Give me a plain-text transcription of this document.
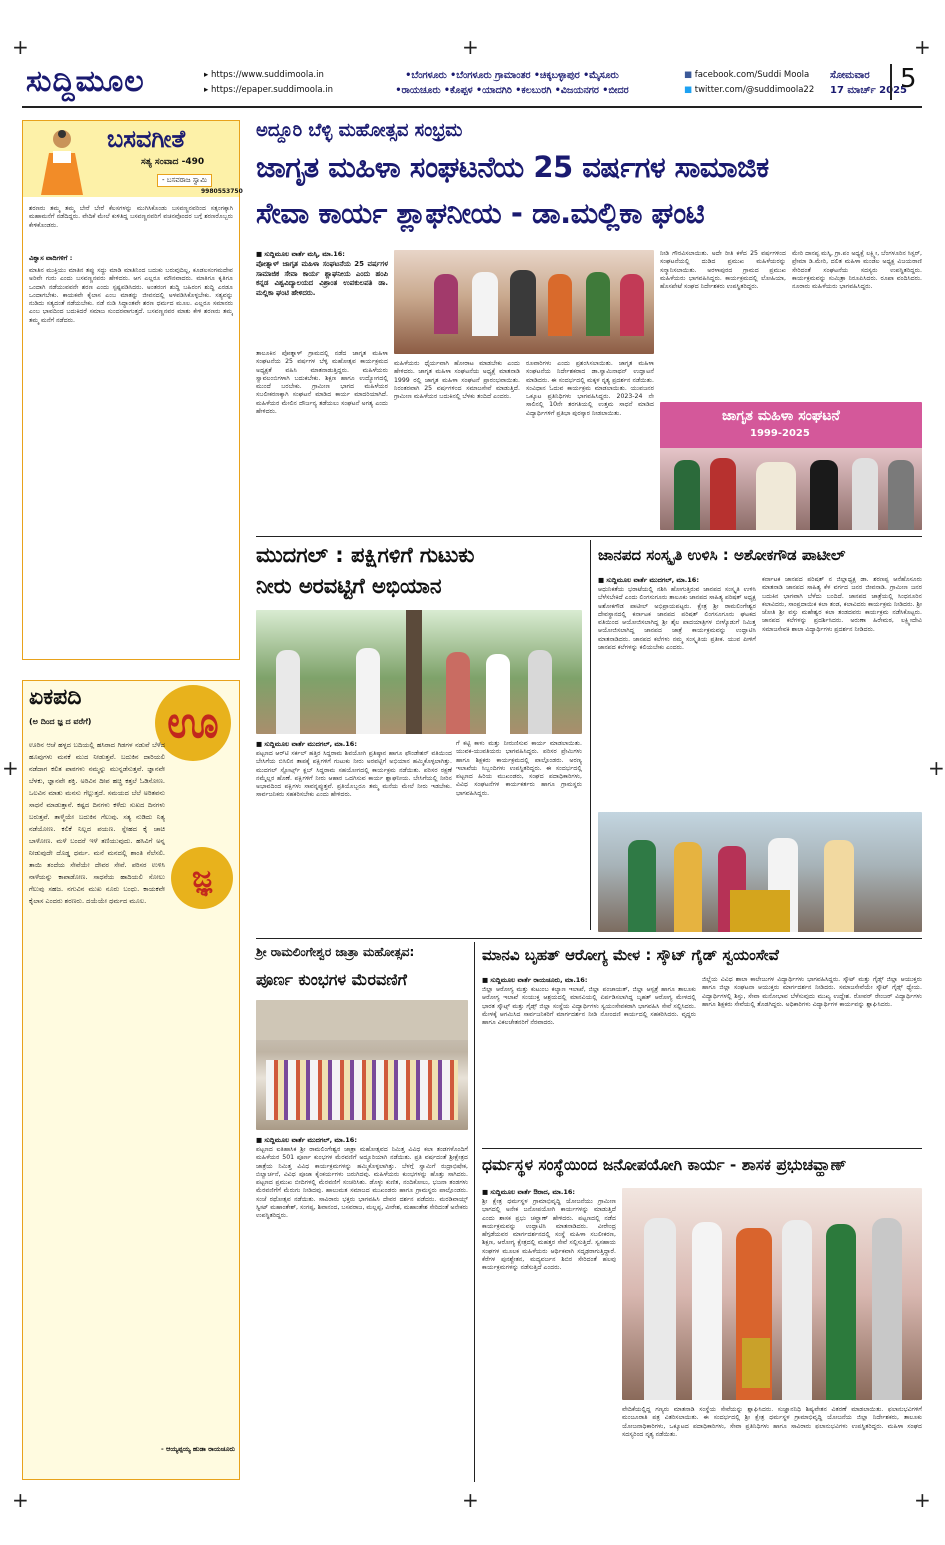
+	+	+
+	+
+	+	+
ಸುದ್ದಿಮೂಲ	▸ https://www.suddimoola.in
▸ https://epaper.suddimoola.in
•ಬೆಂಗಳೂರು •ಬೆಂಗಳೂರು ಗ್ರಾಮಾಂತರ •ಚಿಕ್ಕಬಳ್ಳಾಪುರ •ಮೈಸೂರು
•ರಾಯಚೂರು •ಕೊಪ್ಪಳ •ಯಾದಗಿರಿ •ಕಲಬುರಗಿ •ವಿಜಯನಗರ •ಬೀದರ
■ facebook.com/Suddi Moola
■ twitter.com/@suddimoola22
ಸೋಮವಾರ
17 ಮಾರ್ಚ್ 2025
5
ಬಸವಗೀತೆ
ಸತ್ಯ ಸಂವಾದ -490
- ಬಸವರಾಜ ಸ್ವಾಮಿ
9980553750
ಶರಣರು ತಮ್ಮ ತಮ್ಮ ಬೇರೆ ಬೇರೆ ಕೆಲಸಗಳನ್ನು ಮುಗಿಸಿಕೊಂಡು ಬಸವಣ್ಣನವರಿಂದ ಸತ್ಸಂಗಕ್ಕಾಗಿ ಮಹಾಮನೆಗೆ ನಡೆದಿದ್ದರು. ವೇದಿಕೆ ಮೇಲೆ ಕುಳಿತಿದ್ದ ಬಸವಣ್ಣನವರಿಗೆ ವಚನವೊಂದರ ಬಗ್ಗೆ ಶರಣರೊಬ್ಬರು ಕೇಳಿಕೊಂಡರು.
ವಿಶ್ವಾಸ ವಾದಿಗಳಿಗೆ :
ಮಾತಿನ ಮುಕ್ತಿಯು ಮಾತಿನ ತಪ್ಪು ಸದ್ದು ಮಾಡಿ ಮಾತಿನಿಂದ ಬದುಕು ಬರುವುದಿಲ್ಲ, ಕೂಡಲಸಂಗಮದೇವ ಅರಿವೇ ಗುರು ಎಂದು ಬಸವಣ್ಣನವರು ಹೇಳಿದರು. ಆಗ ಎಲ್ಲರೂ ಮೌನವಾದರು. ಮಾತಿಗೂ ಕೃತಿಗೂ ಒಂದಾಗಿ ನಡೆಯುವವನೇ ಶರಣ ಎಂದು ಸ್ಪಷ್ಟಪಡಿಸಿದರು. ಅಂತರಂಗ ಶುದ್ಧಿ ಬಹಿರಂಗ ಶುದ್ಧಿ ಎರಡೂ ಒಂದಾಗಬೇಕು. ಕಾಯಕವೇ ಕೈಲಾಸ ಎಂಬ ಮಾತನ್ನು ಜೀವನದಲ್ಲಿ ಅಳವಡಿಸಿಕೊಳ್ಳಬೇಕು. ಸತ್ಯವನ್ನು ನುಡಿದು ಸತ್ಯದಂತೆ ನಡೆಯಬೇಕು. ನಡೆ ನುಡಿ ಸಿದ್ಧಾಂತವೇ ಶರಣ ಧರ್ಮದ ಮೂಲ. ಎಲ್ಲರೂ ಸಮಾನರು ಎಂಬ ಭಾವದಿಂದ ಬದುಕಿದರೆ ಸಮಾಜ ಸುಂದರವಾಗುತ್ತದೆ. ಬಸವಣ್ಣನವರ ಮಾತು ಕೇಳಿ ಶರಣರು ತಮ್ಮ ತಮ್ಮ ಮನೆಗೆ ನಡೆದರು.
ಏಕಪದಿ
(ಅ ದಿಂದ ಜ್ಞ ದ ವರೆಗೆ) ಊ
ಜ್ಞ
ಊರಿನ ಆಚೆ ಹಳ್ಳದ ಬದಿಯಲ್ಲಿ ಹಸಿರಾದ ಗಿಡಗಳ ನಡುವೆ ಬೆಳೆದ ಹೂವುಗಳು ಮನಕೆ ಮುದ ನೀಡುತ್ತವೆ. ಬದುಕಿನ ದಾರಿಯಲಿ ನಡೆದಾಗ ಕಲಿತ ಪಾಠಗಳು ನಮ್ಮನ್ನು ಮುನ್ನಡೆಸುತ್ತವೆ. ಜ್ಞಾನವೇ ಬೆಳಕು, ಜ್ಞಾನವೇ ಶಕ್ತಿ. ಅರಿವಿನ ದೀಪ ಹಚ್ಚಿ ಕತ್ತಲೆ ಓಡಿಸೋಣ. ಒಲವಿನ ಮಾತು ಮನಸು ಗೆಲ್ಲುತ್ತದೆ. ಸಮಯದ ಬೆಲೆ ಅರಿತವನು ಸಾಧನೆ ಮಾಡುತ್ತಾನೆ. ಕಷ್ಟದ ದಿನಗಳು ಕಳೆದು ಸುಖದ ದಿನಗಳು ಬರುತ್ತವೆ. ತಾಳ್ಮೆಯೇ ಬದುಕಿನ ಗೆಲುವು. ಸತ್ಯ ನುಡಿದು ನಿತ್ಯ ನಡೆಯೋಣ. ಕಲಿಕೆ ನಿಲ್ಲದ ಪಯಣ. ಸ್ನೇಹದ ಕೈ ಚಾಚಿ ಬಾಳೋಣ. ಮಳೆ ಬಂದರೆ ಇಳೆ ತಣಿಯುವುದು. ಹಸಿವಿಗೆ ಅನ್ನ ನೀಡುವುದೇ ದೊಡ್ಡ ಧರ್ಮ. ಮನೆ ಮನದಲ್ಲಿ ಶಾಂತಿ ನೆಲೆಸಲಿ. ತಾಯಿ ತಂದೆಯ ಸೇವೆಯೇ ದೇವರ ಸೇವೆ. ಪರಿಸರ ಉಳಿಸಿ ನಾಳೆಯನ್ನು ಕಾಪಾಡೋಣ. ಸಾಧನೆಯ ಹಾದಿಯಲಿ ಸೋಲು ಗೆಲುವು ಸಹಜ. ನಗುವಿನ ಮುಖ ನೂರು ಬಂಧು. ಕಾಯಕವೇ ಕೈಲಾಸ ಎಂದರು ಶರಣರು. ದಯೆಯೇ ಧರ್ಮದ ಮೂಲ.
- ಆಯ್ಯಪ್ಪಯ್ಯ ಹುಡಾ ರಾಯಚೂರು
ಅದ್ದೂರಿ ಬೆಳ್ಳಿ ಮಹೋತ್ಸವ ಸಂಭ್ರಮ
ಜಾಗೃತ ಮಹಿಳಾ ಸಂಘಟನೆಯ 25 ವರ್ಷಗಳ ಸಾಮಾಜಿಕ
ಸೇವಾ ಕಾರ್ಯ ಶ್ಲಾಘನೀಯ - ಡಾ.ಮಲ್ಲಿಕಾ ಘಂಟಿ
■ ಸುದ್ದಿಮೂಲ ವಾರ್ತೆ ಮಸ್ಕಿ, ಮಾ.16:
ಪೋತ್ನಾಳ್ ಜಾಗೃತ ಮಹಿಳಾ ಸಂಘಟನೆಯ 25 ವರ್ಷಗಳ ಸಾಮಾಜಿಕ ಸೇವಾ ಕಾರ್ಯ ಶ್ಲಾಘನೀಯ ಎಂದು ಹಂಪಿ ಕನ್ನಡ ವಿಶ್ವವಿದ್ಯಾಲಯದ ವಿಶ್ರಾಂತ ಉಪಕುಲಪತಿ ಡಾ. ಮಲ್ಲಿಕಾ ಘಂಟಿ ಹೇಳಿದರು.
ತಾಲೂಕಿನ ಪೋತ್ನಾಳ್ ಗ್ರಾಮದಲ್ಲಿ ನಡೆದ ಜಾಗೃತ ಮಹಿಳಾ ಸಂಘಟನೆಯ 25 ವರ್ಷಗಳ ಬೆಳ್ಳಿ ಮಹೋತ್ಸವ ಕಾರ್ಯಕ್ರಮದ ಅಧ್ಯಕ್ಷತೆ ವಹಿಸಿ ಮಾತನಾಡುತ್ತಿದ್ದರು. ಮಹಿಳೆಯರು ಸ್ವಾವಲಂಬಿಗಳಾಗಿ ಬದುಕಬೇಕು. ಶಿಕ್ಷಣ ಹಾಗೂ ಉದ್ಯೋಗದಲ್ಲಿ ಮುಂದೆ ಬರಬೇಕು. ಗ್ರಾಮೀಣ ಭಾಗದ ಮಹಿಳೆಯರ ಸಬಲೀಕರಣಕ್ಕಾಗಿ ಸಂಘಟನೆ ಮಾಡಿದ ಕಾರ್ಯ ಮಾದರಿಯಾಗಿದೆ. ಮಹಿಳೆಯರ ಮೇಲಿನ ದೌರ್ಜನ್ಯ ತಡೆಯಲು ಸಂಘಟನೆ ಅಗತ್ಯ ಎಂದು ಹೇಳಿದರು.
ಮಹಿಳೆಯರು ಧೈರ್ಯವಾಗಿ ಹೋರಾಟ ಮಾಡಬೇಕು ಎಂದು ಹೇಳಿದರು. ಜಾಗೃತ ಮಹಿಳಾ ಸಂಘಟನೆಯ ಅಧ್ಯಕ್ಷೆ ಮಾತನಾಡಿ 1999 ರಲ್ಲಿ ಜಾಗೃತ ಮಹಿಳಾ ಸಂಘಟನೆ ಪ್ರಾರಂಭವಾಯಿತು. ನಿರಂತರವಾಗಿ 25 ವರ್ಷಗಳಿಂದ ಸಮಾಜಸೇವೆ ಮಾಡುತ್ತಿದೆ. ಗ್ರಾಮೀಣ ಮಹಿಳೆಯರ ಬದುಕಿನಲ್ಲಿ ಬೆಳಕು ತಂದಿದೆ ಎಂದರು.
ರೂವಾರಿಗಳು ಎಂದು ಪ್ರಶಂಸಿಸಲಾಯಿತು. ಜಾಗೃತ ಮಹಿಳಾ ಸಂಘಟನೆಯ ನಿರ್ದೇಶಕರಾದ ಡಾ.ಸ್ವಾಮಿನಾಥನ್ ಉದ್ಘಾಟನೆ ಮಾಡಿದರು. ಈ ಸಂದರ್ಭದಲ್ಲಿ ಮಕ್ಕಳ ನೃತ್ಯ ಪ್ರದರ್ಶನ ನಡೆಯಿತು. ಸಂವಿಧಾನ ಓದುವ ಕಾರ್ಯಕ್ರಮ ಮಾಡಲಾಯಿತು. ಯುವಜನರ ಒಕ್ಕೂಟ ಪ್ರತಿನಿಧಿಗಳು ಭಾಗವಹಿಸಿದ್ದರು. 2023-24 ನೇ ಸಾಲಿನಲ್ಲಿ 10ನೇ ತರಗತಿಯಲ್ಲಿ ಉತ್ತಮ ಸಾಧನೆ ಮಾಡಿದ ವಿದ್ಯಾರ್ಥಿಗಳಿಗೆ ಪ್ರತಿಭಾ ಪುರಸ್ಕಾರ ನೀಡಲಾಯಿತು.
ನೀಡಿ ಗೌರವಿಸಲಾಯಿತು. ಅದೇ ರೀತಿ ಕಳೆದ 25 ವರ್ಷಗಳಿಂದ ಸಂಘಟನೆಯಲ್ಲಿ ದುಡಿದ ಪ್ರಮುಖ ಮಹಿಳೆಯರನ್ನು ಸನ್ಮಾನಿಸಲಾಯಿತು. ಅರಳಾಪುರದ ಗ್ರಾಮದ ಪ್ರಮುಖ ಮಹಿಳೆಯರು ಭಾಗವಹಿಸಿದ್ದರು. ಕಾರ್ಯಕ್ರಮದಲ್ಲಿ ಲೋಹಿಯಾ, ಹೊಸಪೇಟೆ ಸಂಘದ ನಿರ್ದೇಶಕರು ಉಪಸ್ಥಿತರಿದ್ದರು.
ಮೇರಿ ದಾನಪ್ಪ ಮಸ್ಕಿ, ಗ್ರಾ.ಪಂ ಅಧ್ಯಕ್ಷೆ ಲಕ್ಷ್ಮೀ, ಬೆಂಗಳೂರಿನ ಸಿಸ್ಟರ್, ಪ್ರೇಮಾ ಡಿ.ಮೇರಿ, ದಲಿತ ಮಹಿಳಾ ಮಂಡಲ ಅಧ್ಯಕ್ಷ ವಿಜಯರಾಣಿ ಸೇರಿದಂತೆ ಸಂಘಟನೆಯ ಸದಸ್ಯರು ಉಪಸ್ಥಿತರಿದ್ದರು. ಕಾರ್ಯಕ್ರಮವನ್ನು ಸುಮಿತ್ರಾ ನಿರೂಪಿಸಿದರು. ರೂಪಾ ವಂದಿಸಿದರು. ನೂರಾರು ಮಹಿಳೆಯರು ಭಾಗವಹಿಸಿದ್ದರು.
ಜಾಗೃತ ಮಹಿಳಾ ಸಂಘಟನೆ
1999-2025
ಮುದಗಲ್ : ಪಕ್ಷಿಗಳಿಗೆ ಗುಟುಕು
ನೀರು ಅರವಟ್ಟಿಗೆ ಅಭಿಯಾನ
■ ಸುದ್ದಿಮೂಲ ವಾರ್ತೆ ಮುದಗಲ್, ಮಾ.16:
ಪಟ್ಟಣದ ಆರ್‌ಟಿ ಸರ್ಕಲ್ ಹತ್ತಿರ ಸಿದ್ದರಾಮ ಶಿವಯೋಗಿ ಪ್ರತಿಷ್ಠಾನ ಹಾಗೂ ಫೌಂಡೇಶನ್ ವತಿಯಿಂದ ಬೇಸಿಗೆಯ ಬಿಸಿಲಿನ ತಾಪಕ್ಕೆ ಪಕ್ಷಿಗಳಿಗೆ ಗುಟುಕು ನೀರು ಅರವಟ್ಟಿಗೆ ಅಭಿಯಾನ ಹಮ್ಮಿಕೊಳ್ಳಲಾಗಿತ್ತು. ಮುದಗಲ್ ಸ್ಪೋರ್ಟ್ಸ್ ಕ್ಲಬ್ ಸಿದ್ಧರಾಮ ಸಹಯೋಗದಲ್ಲಿ ಕಾರ್ಯಕ್ರಮ ನಡೆಯಿತು. ಪರಿಸರ ರಕ್ಷಣೆ ನಮ್ಮೆಲ್ಲರ ಹೊಣೆ. ಪಕ್ಷಿಗಳಿಗೆ ನೀರು ಆಹಾರ ಒದಗಿಸುವ ಕಾರ್ಯ ಶ್ಲಾಘನೀಯ. ಬೇಸಿಗೆಯಲ್ಲಿ ನೀರಿನ ಅಭಾವದಿಂದ ಪಕ್ಷಿಗಳು ಸಾವನ್ನಪ್ಪುತ್ತವೆ. ಪ್ರತಿಯೊಬ್ಬರೂ ತಮ್ಮ ಮನೆಯ ಮೇಲೆ ನೀರು ಇಡಬೇಕು. ಸಾರ್ವಜನಿಕರು ಸಹಕರಿಸಬೇಕು ಎಂದು ಹೇಳಿದರು.
ಗೆ ಕಟ್ಟಿ ಕಾಳು ಮತ್ತು ನೀರುಣಿಸುವ ಕಾರ್ಯ ಮಾಡಲಾಯಿತು. ಯುವಕ-ಯುವತಿಯರು ಭಾಗವಹಿಸಿದ್ದರು. ಪರಿಸರ ಪ್ರೇಮಿಗಳು ಹಾಗೂ ಶಿಕ್ಷಕರು ಕಾರ್ಯಕ್ರಮದಲ್ಲಿ ಪಾಲ್ಗೊಂಡರು. ಅರಣ್ಯ ಇಲಾಖೆಯ ಸಿಬ್ಬಂದಿಗಳು ಉಪಸ್ಥಿತರಿದ್ದರು. ಈ ಸಂದರ್ಭದಲ್ಲಿ ಪಟ್ಟಣದ ಹಿರಿಯ ಮುಖಂಡರು, ಸಂಘದ ಪದಾಧಿಕಾರಿಗಳು, ವಿವಿಧ ಸಂಘಟನೆಗಳ ಕಾರ್ಯಕರ್ತರು ಹಾಗೂ ಗ್ರಾಮಸ್ಥರು ಭಾಗವಹಿಸಿದ್ದರು.
ಜಾನಪದ ಸಂಸ್ಕೃತಿ ಉಳಿಸಿ : ಅಶೋಕಗೌಡ ಪಾಟೀಲ್
■ ಸುದ್ದಿಮೂಲ ವಾರ್ತೆ ಮುದಗಲ್, ಮಾ.16:
ಆಧುನಿಕತೆಯ ಭರಾಟೆಯಲ್ಲಿ ನಶಿಸಿ ಹೋಗುತ್ತಿರುವ ಜಾನಪದ ಸಂಸ್ಕೃತಿ ಉಳಿಸಿ ಬೆಳೆಸಬೇಕಿದೆ ಎಂದು ಲಿಂಗಸುಗೂರು ತಾಲೂಕು ಜಾನಪದ ಸಾಹಿತ್ಯ ಪರಿಷತ್ ಅಧ್ಯಕ್ಷ ಅಶೋಕಗೌಡ ಪಾಟೀಲ್ ಅಭಿಪ್ರಾಯಪಟ್ಟರು. ಕ್ಷೇತ್ರ ಶ್ರೀ ರಾಮಲಿಂಗೇಶ್ವರ ದೇವಸ್ಥಾನದಲ್ಲಿ ಕರ್ನಾಟಕ ಜಾನಪದ ಪರಿಷತ್ ಲಿಂಗಸೂಗೂರು ಘಟಕದ ವತಿಯಿಂದ ಆಯೋಜಿಸಲಾಗಿದ್ದ ಶ್ರೀ ಶೈಲ ಪಾದಯಾತ್ರಿಗಳ ಬೀಳ್ಕೊಡುಗೆ ನಿಮಿತ್ತ ಆಯೋಜಿಸಲಾಗಿದ್ದ ಜಾನಪದ ಜಾತ್ರೆ ಕಾರ್ಯಕ್ರಮವನ್ನು ಉದ್ಘಾಟಿಸಿ ಮಾತನಾಡಿದರು. ಜಾನಪದ ಕಲೆಗಳು ನಮ್ಮ ಸಂಸ್ಕೃತಿಯ ಪ್ರತೀಕ. ಯುವ ಪೀಳಿಗೆ ಜಾನಪದ ಕಲೆಗಳನ್ನು ಕಲಿಯಬೇಕು ಎಂದರು.
ಕರ್ನಾಟಕ ಜಾನಪದ ಪರಿಷತ್ ನ ಜಿಲ್ಲಾಧ್ಯಕ್ಷ ಡಾ. ಶರಣಪ್ಪ ಆನೆಹೊಸೂರು ಮಾತನಾಡಿ ಜಾನಪದ ಸಾಹಿತ್ಯ ಕೆಳ ವರ್ಗದ ಜನರ ಜೀವನಾಡಿ. ಗ್ರಾಮೀಣ ಜನರ ಬದುಕಿನ ಭಾಗವಾಗಿ ಬೆಳೆದು ಬಂದಿದೆ. ಜಾನಪದ ಜಾತ್ರೆಯಲ್ಲಿ ಸಿಂಧನೂರಿನ ಕಲಾವಿದರು, ಸಾಂಪ್ರದಾಯಿಕ ಕಲಾ ತಂಡ, ಕಲಾವಿದರು ಕಾರ್ಯಕ್ರಮ ನೀಡಿದರು. ಶ್ರೀ ಜೋತಿ ಶ್ರೀ ವಸ್ತು ಮಹೇಶ್ವರ ಕಲಾ ತಂಡದವರು ಕಾರ್ಯಕ್ರಮ ನಡೆಸಿಕೊಟ್ಟರು. ಜಾನಪದ ಕಲೆಗಳನ್ನು ಪ್ರದರ್ಶಿಸಿದರು. ಅರುಣಾ ಹಿರೇಮಠ, ಲಕ್ಷ್ಮೀದೇವಿ ಸಮಾಜಸೇವಕಿ ಶಾಲಾ ವಿದ್ಯಾರ್ಥಿಗಳು ಪ್ರದರ್ಶನ ನೀಡಿದರು.
ಶ್ರೀ ರಾಮಲಿಂಗೇಶ್ವರ ಜಾತ್ರಾ ಮಹೋತ್ಸವ:
ಪೂರ್ಣ ಕುಂಭಗಳ ಮೆರವಣಿಗೆ
■ ಸುದ್ದಿಮೂಲ ವಾರ್ತೆ ಮುದಗಲ್, ಮಾ.16:
ಪಟ್ಟಣದ ಐತಿಹಾಸಿಕ ಶ್ರೀ ರಾಮಲಿಂಗೇಶ್ವರ ಜಾತ್ರಾ ಮಹೋತ್ಸವದ ನಿಮಿತ್ತ ವಿವಿಧ ಕಲಾ ತಂಡಗಳೊಂದಿಗೆ ಮಹಿಳೆಯರ 501 ಪೂರ್ಣ ಕುಂಭಗಳ ಮೆರವಣಿಗೆ ಅದ್ಧೂರಿಯಾಗಿ ನಡೆಯಿತು. ಪ್ರತಿ ವರ್ಷದಂತೆ ಶ್ರೀಕ್ಷೇತ್ರದ ಜಾತ್ರೆಯ ನಿಮಿತ್ತ ವಿವಿಧ ಕಾರ್ಯಕ್ರಮಗಳನ್ನು ಹಮ್ಮಿಕೊಳ್ಳಲಾಗಿತ್ತು. ಬೆಳಗ್ಗೆ ಸ್ವಾಮಿಗೆ ರುದ್ರಾಭಿಷೇಕ, ಬಿಲ್ವಾರ್ಚನೆ, ವಿವಿಧ ಪೂಜಾ ಕೈಂಕರ್ಯಗಳು ಜರುಗಿದವು. ಮಹಿಳೆಯರು ಕುಂಭಗಳನ್ನು ಹೊತ್ತು ಸಾಗಿದರು. ಪಟ್ಟಣದ ಪ್ರಮುಖ ಬೀದಿಗಳಲ್ಲಿ ಮೆರವಣಿಗೆ ಸಂಚರಿಸಿತು. ಡೊಳ್ಳು ಕುಣಿತ, ನಂದಿಕೋಲು, ಭಜನಾ ತಂಡಗಳು ಮೆರವಣಿಗೆಗೆ ಮೆರುಗು ನೀಡಿದವು. ಹಾಲುಮತ ಸಮಾಜದ ಮುಖಂಡರು ಹಾಗೂ ಗ್ರಾಮಸ್ಥರು ಪಾಲ್ಗೊಂಡರು. ಸಂಜೆ ರಥೋತ್ಸವ ನಡೆಯಿತು. ಸಾವಿರಾರು ಭಕ್ತರು ಭಾಗವಹಿಸಿ ದೇವರ ದರ್ಶನ ಪಡೆದರು. ಮರಡಿವಾಯ್ಸ್ ಸ್ವೀಟ್ ಮಹಾಂತೇಶ್, ಸಂಗಪ್ಪ, ಶಿವಾನಂದ, ಬಸವರಾಜ, ಮಲ್ಲಪ್ಪ, ವೀರೇಶ, ಮಹಾಂತೇಶ ಸೇರಿದಂತೆ ಅನೇಕರು ಉಪಸ್ಥಿತರಿದ್ದರು.
ಮಾನವಿ ಬೃಹತ್ ಆರೋಗ್ಯ ಮೇಳ : ಸ್ಕೌಟ್ ಗೈಡ್ ಸ್ವಯಂಸೇವೆ
■ ಸುದ್ದಿಮೂಲ ವಾರ್ತೆ ರಾಯಚೂರು, ಮಾ.16:
ಜಿಲ್ಲಾ ಆರೋಗ್ಯ ಮತ್ತು ಕುಟುಂಬ ಕಲ್ಯಾಣ ಇಲಾಖೆ, ಜಿಲ್ಲಾ ಪಂಚಾಯತ್, ಜಿಲ್ಲಾ ಆಸ್ಪತ್ರೆ ಹಾಗೂ ತಾಲೂಕು ಆರೋಗ್ಯ ಇಲಾಖೆ ಸಂಯುಕ್ತ ಆಶ್ರಯದಲ್ಲಿ ಮಾನವಿಯಲ್ಲಿ ಏರ್ಪಡಿಸಲಾಗಿದ್ದ ಬೃಹತ್ ಆರೋಗ್ಯ ಮೇಳದಲ್ಲಿ ಭಾರತ ಸ್ಕೌಟ್ಸ್ ಮತ್ತು ಗೈಡ್ಸ್ ಜಿಲ್ಲಾ ಸಂಸ್ಥೆಯ ವಿದ್ಯಾರ್ಥಿಗಳು ಸ್ವಯಂಸೇವಕರಾಗಿ ಭಾಗವಹಿಸಿ ಸೇವೆ ಸಲ್ಲಿಸಿದರು. ಮೇಳಕ್ಕೆ ಆಗಮಿಸಿದ ಸಾರ್ವಜನಿಕರಿಗೆ ಮಾರ್ಗದರ್ಶನ ನೀಡಿ ನೋಂದಣಿ ಕಾರ್ಯದಲ್ಲಿ ಸಹಕರಿಸಿದರು. ವೃದ್ಧರು ಹಾಗೂ ವಿಕಲಚೇತನರಿಗೆ ನೆರವಾದರು.
ಜಿಲ್ಲೆಯ ವಿವಿಧ ಶಾಲಾ ಕಾಲೇಜುಗಳ ವಿದ್ಯಾರ್ಥಿಗಳು ಭಾಗವಹಿಸಿದ್ದರು. ಸ್ಕೌಟ್ ಮತ್ತು ಗೈಡ್ಸ್ ಜಿಲ್ಲಾ ಆಯುಕ್ತರು ಹಾಗೂ ಜಿಲ್ಲಾ ಸಂಘಟನಾ ಆಯುಕ್ತರು ಮಾರ್ಗದರ್ಶನ ನೀಡಿದರು. ಸಮಾಜಸೇವೆಯೇ ಸ್ಕೌಟ್ ಗೈಡ್ಸ್ ಧ್ಯೇಯ. ವಿದ್ಯಾರ್ಥಿಗಳಲ್ಲಿ ಶಿಸ್ತು, ಸೇವಾ ಮನೋಭಾವ ಬೆಳೆಸುವುದು ಮುಖ್ಯ ಉದ್ದೇಶ. ರೋವರ್ ರೇಂಜರ್ ವಿದ್ಯಾರ್ಥಿಗಳು ಹಾಗೂ ಶಿಕ್ಷಕರು ಸೇವೆಯಲ್ಲಿ ತೊಡಗಿದ್ದರು. ಅಧಿಕಾರಿಗಳು ವಿದ್ಯಾರ್ಥಿಗಳ ಕಾರ್ಯವನ್ನು ಶ್ಲಾಘಿಸಿದರು.
ಧರ್ಮಸ್ಥಳ ಸಂಸ್ಥೆಯಿಂದ ಜನೋಪಯೋಗಿ ಕಾರ್ಯ - ಶಾಸಕ ಪ್ರಭುಚವ್ಹಾಣ್
■ ಸುದ್ದಿಮೂಲ ವಾರ್ತೆ ಔರಾದ, ಮಾ.16:
ಶ್ರೀ ಕ್ಷೇತ್ರ ಧರ್ಮಸ್ಥಳ ಗ್ರಾಮಾಭಿವೃದ್ಧಿ ಯೋಜನೆಯು ಗ್ರಾಮೀಣ ಭಾಗದಲ್ಲಿ ಅನೇಕ ಜನೋಪಯೋಗಿ ಕಾರ್ಯಗಳನ್ನು ಮಾಡುತ್ತಿದೆ ಎಂದು ಶಾಸಕ ಪ್ರಭು ಚವ್ಹಾಣ್ ಹೇಳಿದರು. ಪಟ್ಟಣದಲ್ಲಿ ನಡೆದ ಕಾರ್ಯಕ್ರಮವನ್ನು ಉದ್ಘಾಟಿಸಿ ಮಾತನಾಡಿದರು. ವೀರೇಂದ್ರ ಹೆಗ್ಗಡೆಯವರ ಮಾರ್ಗದರ್ಶನದಲ್ಲಿ ಸಂಸ್ಥೆ ಮಹಿಳಾ ಸಬಲೀಕರಣ, ಶಿಕ್ಷಣ, ಆರೋಗ್ಯ ಕ್ಷೇತ್ರದಲ್ಲಿ ಮಹತ್ತರ ಸೇವೆ ಸಲ್ಲಿಸುತ್ತಿದೆ. ಸ್ವಸಹಾಯ ಸಂಘಗಳ ಮೂಲಕ ಮಹಿಳೆಯರು ಆರ್ಥಿಕವಾಗಿ ಸದೃಢರಾಗುತ್ತಿದ್ದಾರೆ. ಕೆರೆಗಳ ಪುನಶ್ಚೇತನ, ಮದ್ಯವರ್ಜನ ಶಿಬಿರ ಸೇರಿದಂತೆ ಹಲವು ಕಾರ್ಯಕ್ರಮಗಳನ್ನು ನಡೆಸುತ್ತಿದೆ ಎಂದರು.
ವೇದಿಕೆಯಲ್ಲಿದ್ದ ಗಣ್ಯರು ಮಾತನಾಡಿ ಸಂಸ್ಥೆಯ ಸೇವೆಯನ್ನು ಶ್ಲಾಘಿಸಿದರು. ಸುಜ್ಞಾನನಿಧಿ ಶಿಷ್ಯವೇತನ ವಿತರಣೆ ಮಾಡಲಾಯಿತು. ಫಲಾನುಭವಿಗಳಿಗೆ ಮಂಜೂರಾತಿ ಪತ್ರ ವಿತರಿಸಲಾಯಿತು. ಈ ಸಂದರ್ಭದಲ್ಲಿ ಶ್ರೀ ಕ್ಷೇತ್ರ ಧರ್ಮಸ್ಥಳ ಗ್ರಾಮಾಭಿವೃದ್ಧಿ ಯೋಜನೆಯ ಜಿಲ್ಲಾ ನಿರ್ದೇಶಕರು, ತಾಲೂಕು ಯೋಜನಾಧಿಕಾರಿಗಳು, ಒಕ್ಕೂಟದ ಪದಾಧಿಕಾರಿಗಳು, ಸೇವಾ ಪ್ರತಿನಿಧಿಗಳು ಹಾಗೂ ಸಾವಿರಾರು ಫಲಾನುಭವಿಗಳು ಉಪಸ್ಥಿತರಿದ್ದರು. ಮಹಿಳಾ ಸಂಘದ ಸದಸ್ಯರಿಂದ ನೃತ್ಯ ನಡೆಯಿತು.
